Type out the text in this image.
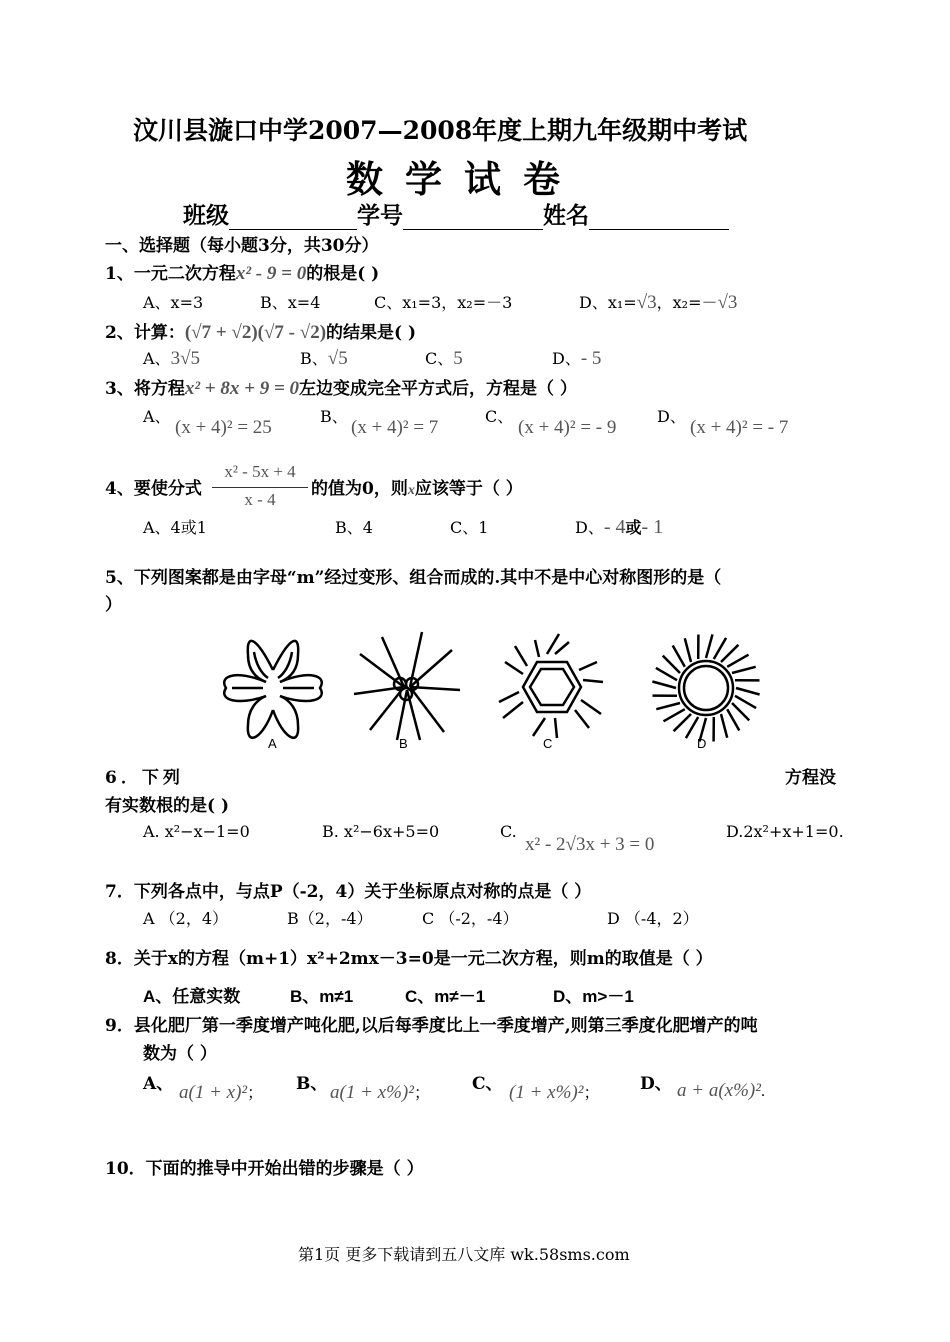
汶川县漩口中学2007—2008年度上期九年级期中考试
数学试卷
班级	学号	姓名
一、选择题（每小题3分，共30分）
1、一元二次方程x² - 9 = 0的根是( )
A、x=3	B、x=4	C、x₁=3，x₂=－3	D、x₁=√3，x₂=－√3
2、计算：(√7 + √2)(√7 - √2)的结果是( )
A、3√5	B、√5	C、5	D、- 5
3、将方程x² + 8x + 9 = 0左边变成完全平方式后，方程是（ ）
A、
(x + 4)² = 25
B、
(x + 4)² = 7
C、
(x + 4)² = - 9
D、
(x + 4)² = - 7
4、要使分式
x² - 5x + 4
x - 4
的值为0，则x应该等于（ ）
A、4或1	B、4	C、1	D、- 4或- 1
5、下列图案都是由字母“m”经过变形、组合而成的.其中不是中心对称图形的是（
）
A	B	C	D
6．下列	方程没
有实数根的是( )
A. x²−x−1=0	B. x²−6x+5=0	C.
x² - 2√3x + 3 = 0
D.2x²+x+1=0.
7．下列各点中，与点P（-2，4）关于坐标原点对称的点是（ ）
A （2，4）	B（2，-4）	C （-2，-4）	D （-4，2）
8．关于x的方程（m+1）x²+2mx－3=0是一元二次方程，则m的取值是（ ）
A、任意实数	B、m≠1	C、m≠－1	D、m>－1
9．县化肥厂第一季度增产吨化肥,以后每季度比上一季度增产,则第三季度化肥增产的吨
数为（ ）
A、 a(1 + x)²； B、 a(1 + x%)²； C、 (1 + x%)²； D、 a + a(x%)².
10．下面的推导中开始出错的步骤是（ ）
第1页 更多下载请到五八文库 wk.58sms.com
